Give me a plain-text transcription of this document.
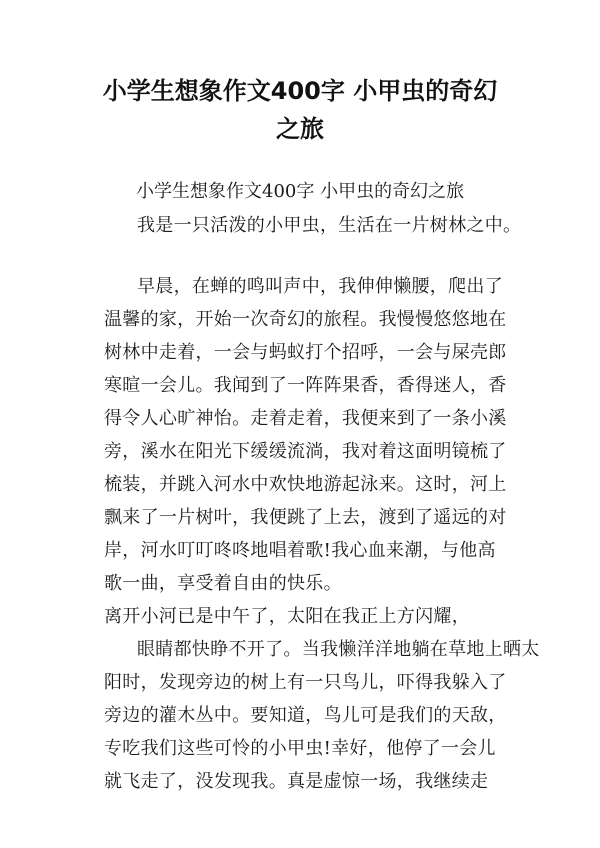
小学生想象作文400字 小甲虫的奇幻
之旅
小学生想象作文400字 小甲虫的奇幻之旅
我是一只活泼的小甲虫，生活在一片树林之中。
早晨，在蝉的鸣叫声中，我伸伸懒腰，爬出了
温馨的家，开始一次奇幻的旅程。我慢慢悠悠地在
树林中走着，一会与蚂蚁打个招呼，一会与屎壳郎
寒暄一会儿。我闻到了一阵阵果香，香得迷人，香
得令人心旷神怡。走着走着，我便来到了一条小溪
旁，溪水在阳光下缓缓流淌，我对着这面明镜梳了
梳装，并跳入河水中欢快地游起泳来。这时，河上
飘来了一片树叶，我便跳了上去，渡到了遥远的对
岸，河水叮叮咚咚地唱着歌!我心血来潮，与他高
歌一曲，享受着自由的快乐。
离开小河已是中午了，太阳在我正上方闪耀，
眼睛都快睁不开了。当我懒洋洋地躺在草地上晒太
阳时，发现旁边的树上有一只鸟儿，吓得我躲入了
旁边的灌木丛中。要知道，鸟儿可是我们的天敌，
专吃我们这些可怜的小甲虫!幸好，他停了一会儿
就飞走了，没发现我。真是虚惊一场，我继续走
